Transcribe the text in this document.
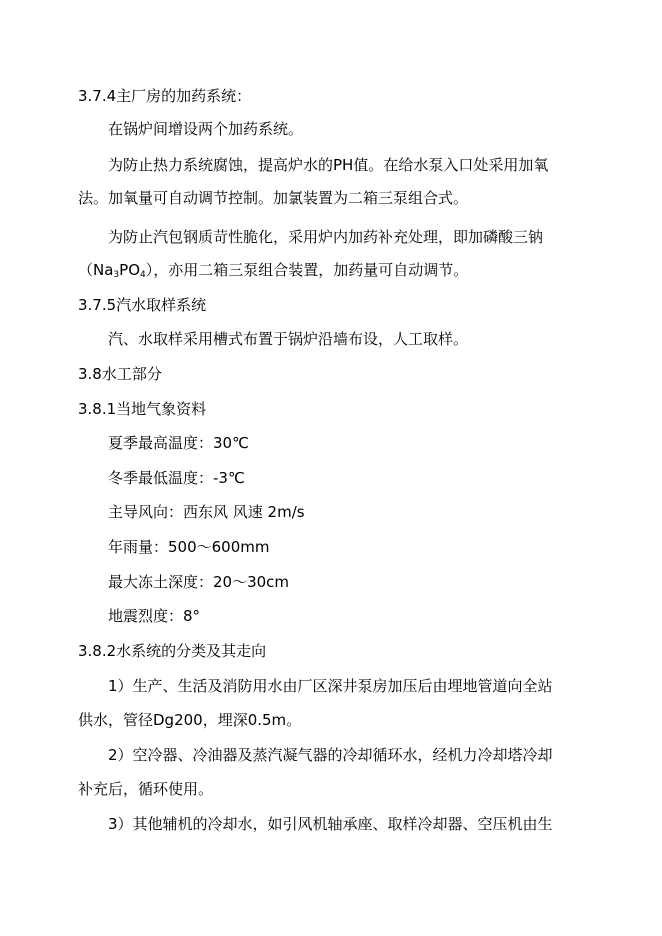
3.7.4主厂房的加药系统：
在锅炉间增设两个加药系统。
为防止热力系统腐蚀，提高炉水的PH值。在给水泵入口处采用加氧
法。加氧量可自动调节控制。加氯装置为二箱三泵组合式。
为防止汽包钢质苛性脆化，采用炉内加药补充处理，即加磷酸三钠
$(Na_3PO_4)$，亦用二箱三泵组合装置，加药量可自动调节。
3.7.5汽水取样系统
汽、水取样采用槽式布置于锅炉沿墙布设，人工取样。
3.8水工部分
3.8.1当地气象资料
夏季最高温度：30℃
冬季最低温度：-3℃
主导风向：西东风 风速 2m/s
年雨量：500～600mm
最大冻土深度：20～30cm
地震烈度：8°
3.8.2水系统的分类及其走向
1）生产、生活及消防用水由厂区深井泵房加压后由埋地管道向全站
供水，管径Dg200，埋深0.5m。
2）空冷器、冷油器及蒸汽凝气器的冷却循环水，经机力冷却塔冷却
补充后，循环使用。
3）其他辅机的冷却水，如引风机轴承座、取样冷却器、空压机由生
